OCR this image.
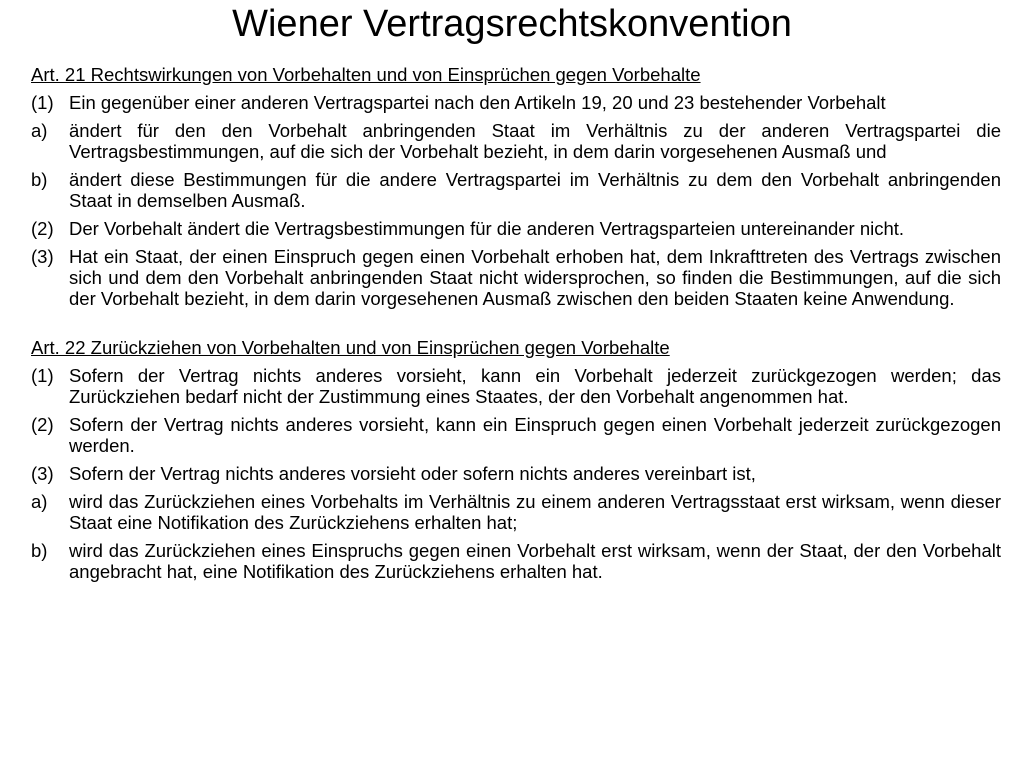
Wiener Vertragsrechtskonvention
Art. 21 Rechtswirkungen von Vorbehalten und von Einsprüchen gegen Vorbehalte
(1) Ein gegenüber einer anderen Vertragspartei nach den Artikeln 19, 20 und 23 bestehender Vorbehalt
a)	ändert für den den Vorbehalt anbringenden Staat im Verhältnis zu der anderen Vertragspartei die Vertragsbestimmungen, auf die sich der Vorbehalt bezieht, in dem darin vorgesehenen Ausmaß und
b)	ändert diese Bestimmungen für die andere Vertragspartei im Verhältnis zu dem den Vorbehalt anbringenden Staat in demselben Ausmaß.
(2) Der Vorbehalt ändert die Vertragsbestimmungen für die anderen Vertragsparteien untereinander nicht.
(3) Hat ein Staat, der einen Einspruch gegen einen Vorbehalt erhoben hat, dem Inkrafttreten des Vertrags zwischen sich und dem den Vorbehalt anbringenden Staat nicht widersprochen, so finden die Bestimmungen, auf die sich der Vorbehalt bezieht, in dem darin vorgesehenen Ausmaß zwischen den beiden Staaten keine Anwendung.
Art. 22 Zurückziehen von Vorbehalten und von Einsprüchen gegen Vorbehalte
(1) Sofern der Vertrag nichts anderes vorsieht, kann ein Vorbehalt jederzeit zurückgezogen werden; das Zurückziehen bedarf nicht der Zustimmung eines Staates, der den Vorbehalt angenommen hat.
(2) Sofern der Vertrag nichts anderes vorsieht, kann ein Einspruch gegen einen Vorbehalt jederzeit zurückgezogen werden.
(3) Sofern der Vertrag nichts anderes vorsieht oder sofern nichts anderes vereinbart ist,
a)	wird das Zurückziehen eines Vorbehalts im Verhältnis zu einem anderen Vertragsstaat erst wirksam, wenn dieser Staat eine Notifikation des Zurückziehens erhalten hat;
b)	wird das Zurückziehen eines Einspruchs gegen einen Vorbehalt erst wirksam, wenn der Staat, der den Vorbehalt angebracht hat, eine Notifikation des Zurückziehens erhalten hat.
